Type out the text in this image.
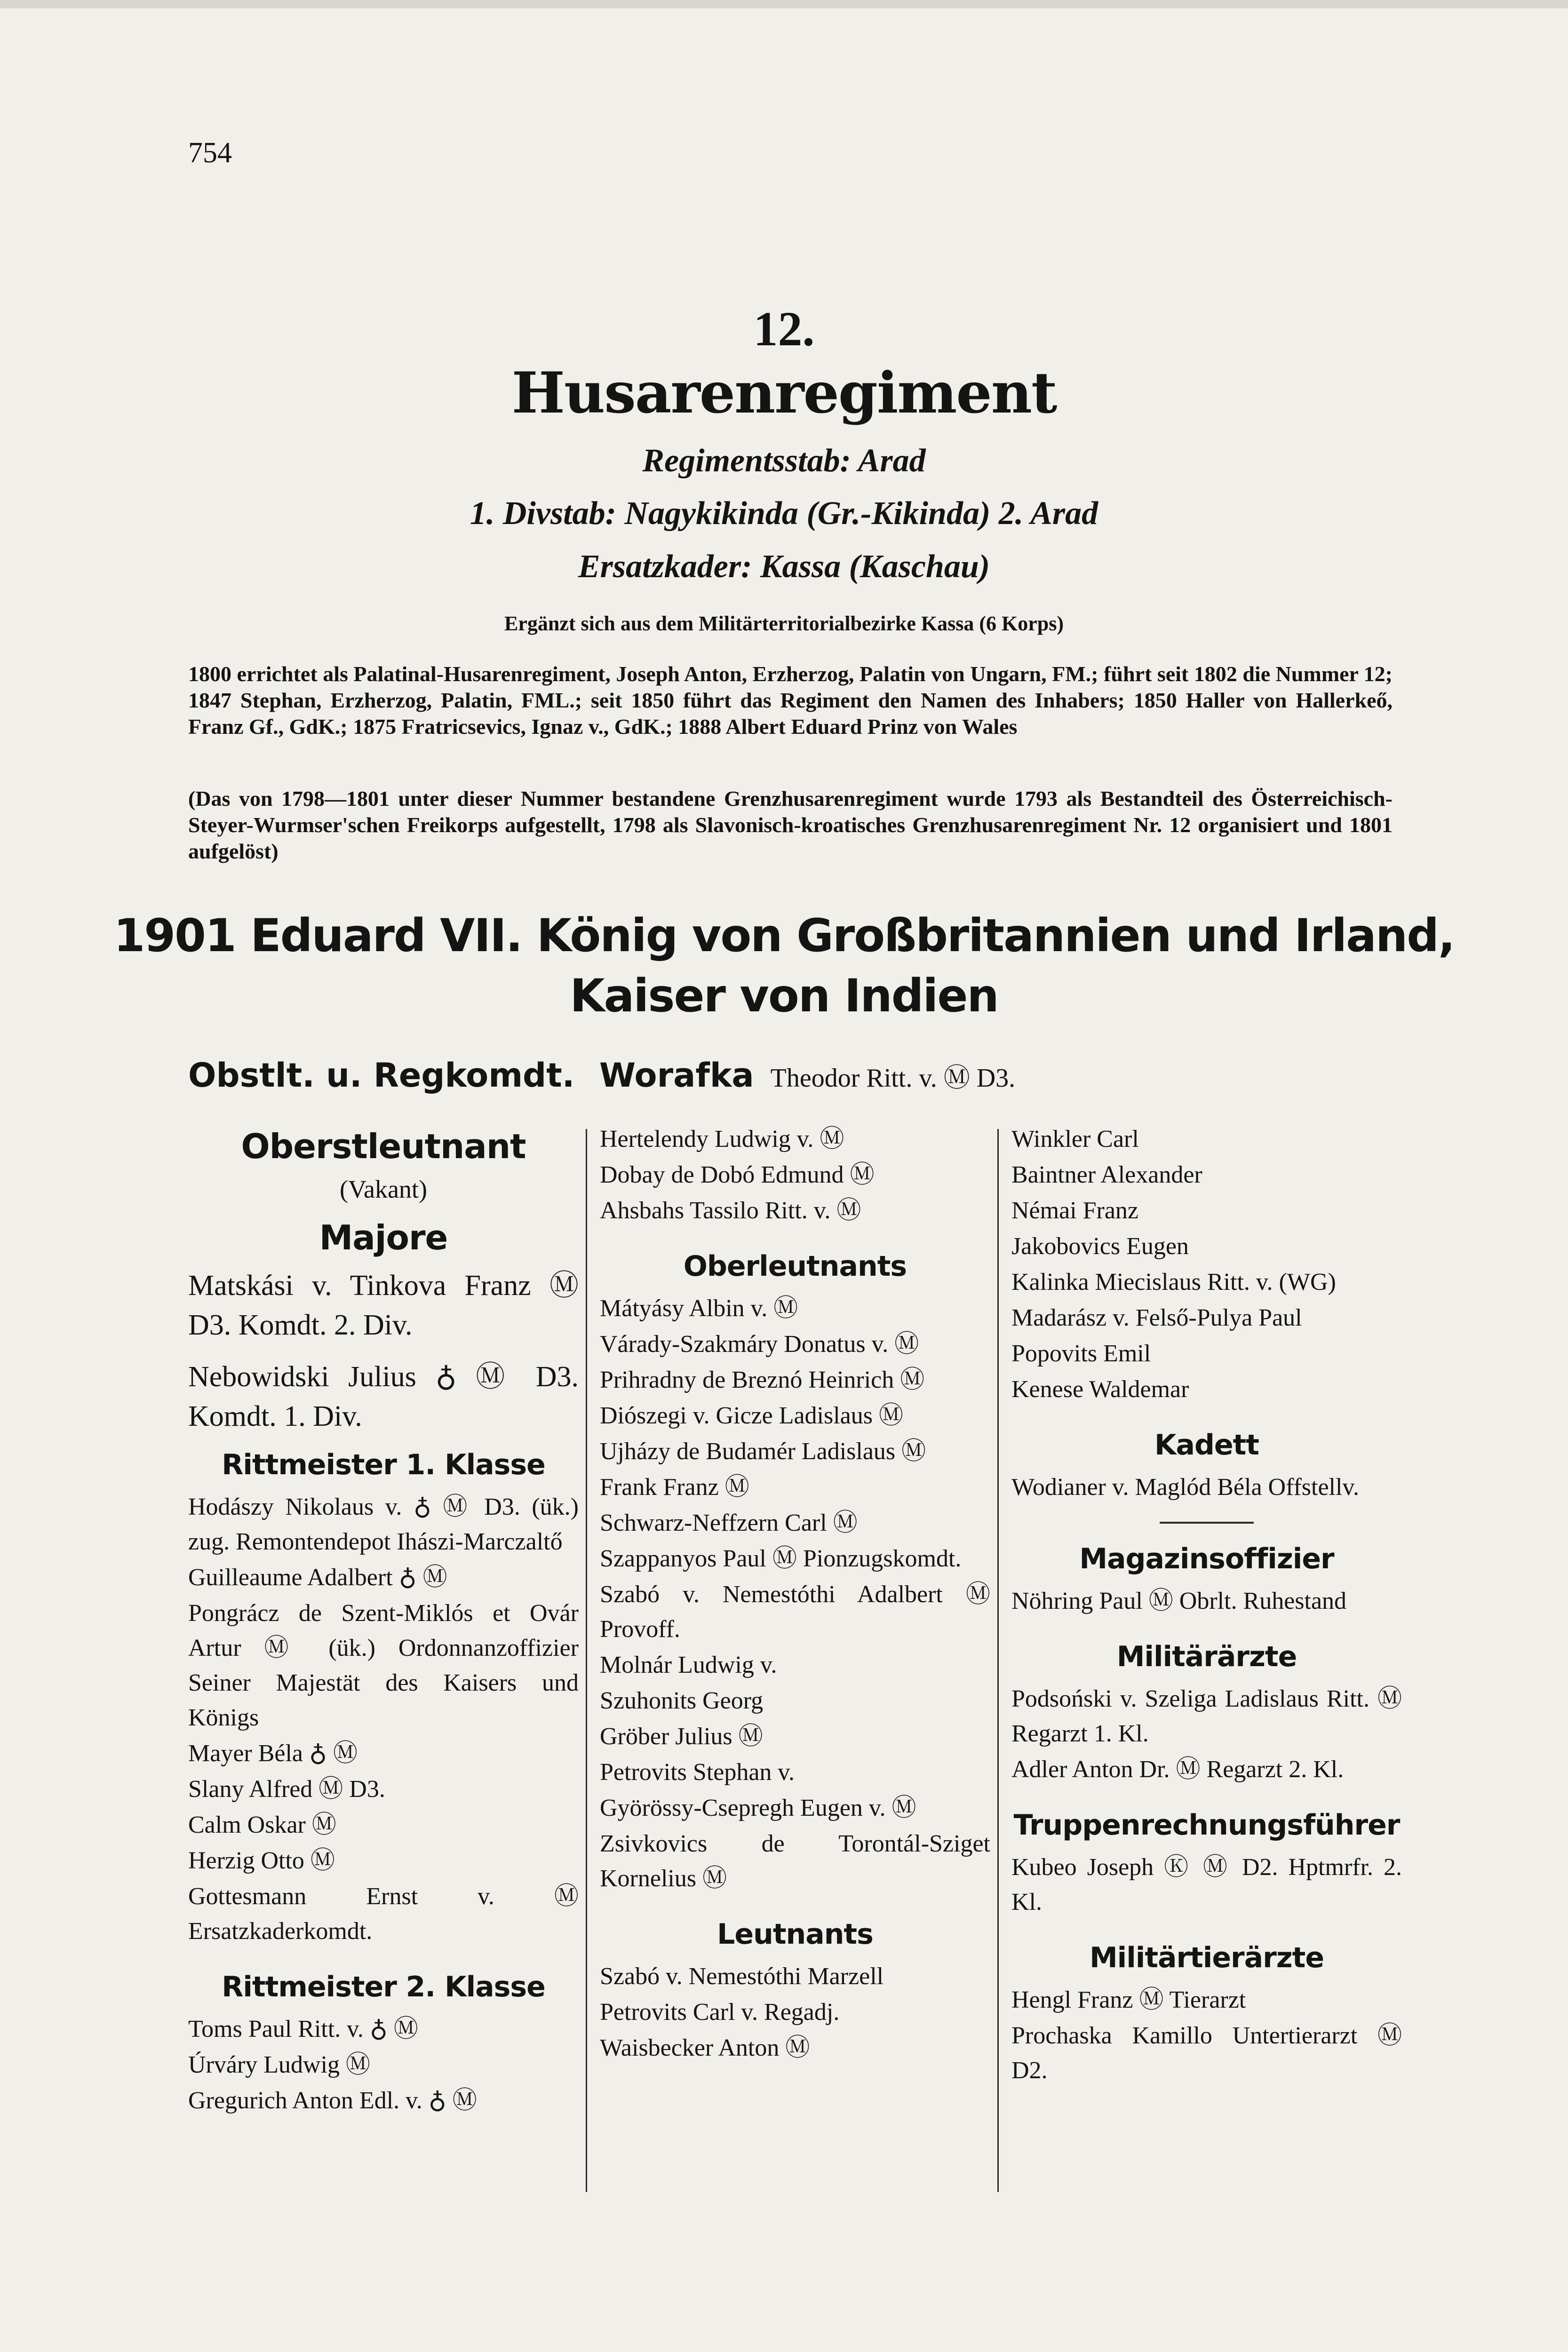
754
12.
Husarenregiment
Regimentsstab: Arad
1. Divstab: Nagykikinda (Gr.-Kikinda) 2. Arad
Ersatzkader: Kassa (Kaschau)
Ergänzt sich aus dem Militärterritorialbezirke Kassa (6 Korps)
1800 errichtet als Palatinal-Husarenregiment, Joseph Anton, Erzherzog, Palatin von Ungarn, FM.; führt seit 1802 die Nummer 12; 1847 Stephan, Erzherzog, Palatin, FML.; seit 1850 führt das Regiment den Namen des Inhabers; 1850 Haller von Hallerkeő, Franz Gf., GdK.; 1875 Fratricsevics, Ignaz v., GdK.; 1888 Albert Eduard Prinz von Wales
(Das von 1798—1801 unter dieser Nummer bestandene Grenzhusarenregiment wurde 1793 als Bestandteil des Österreichisch-Steyer-Wurmser'schen Freikorps aufgestellt, 1798 als Slavonisch-kroatisches Grenzhusarenregiment Nr. 12 organisiert und 1801 aufgelöst)
1901 Eduard VII. König von Großbritannien und Irland,
Kaiser von Indien
Obstlt. u. Regkomdt. Worafka Theodor Ritt. v. Ⓜ D3.
Oberstleutnant
(Vakant)
Majore
Matskási v. Tinkova Franz Ⓜ D3. Komdt. 2. Div.
Nebowidski Julius ♁ Ⓜ D3. Komdt. 1. Div.
Rittmeister 1. Klasse
Hodászy Nikolaus v. ♁ Ⓜ D3. (ük.) zug. Remontendepot Ihászi-Marczaltő
Guilleaume Adalbert ♁ Ⓜ
Pongrácz de Szent-Miklós et Ovár Artur Ⓜ (ük.) Ordonnanzoffizier Seiner Majestät des Kaisers und Königs
Mayer Béla ♁ Ⓜ
Slany Alfred Ⓜ D3.
Calm Oskar Ⓜ
Herzig Otto Ⓜ
Gottesmann Ernst v. Ⓜ Ersatzkaderkomdt.
Rittmeister 2. Klasse
Toms Paul Ritt. v. ♁ Ⓜ
Úrváry Ludwig Ⓜ
Gregurich Anton Edl. v. ♁ Ⓜ
Hertelendy Ludwig v. Ⓜ
Dobay de Dobó Edmund Ⓜ
Ahsbahs Tassilo Ritt. v. Ⓜ
Oberleutnants
Mátyásy Albin v. Ⓜ
Várady-Szakmáry Donatus v. Ⓜ
Prihradny de Breznó Heinrich Ⓜ
Diószegi v. Gicze Ladislaus Ⓜ
Ujházy de Budamér Ladislaus Ⓜ
Frank Franz Ⓜ
Schwarz-Neffzern Carl Ⓜ
Szappanyos Paul Ⓜ Pionzugskomdt.
Szabó v. Nemestóthi Adalbert Ⓜ Provoff.
Molnár Ludwig v.
Szuhonits Georg
Gröber Julius Ⓜ
Petrovits Stephan v.
Györössy-Csepregh Eugen v. Ⓜ
Zsivkovics de Torontál-Sziget Kornelius Ⓜ
Leutnants
Szabó v. Nemestóthi Marzell
Petrovits Carl v. Regadj.
Waisbecker Anton Ⓜ
Winkler Carl
Baintner Alexander
Némai Franz
Jakobovics Eugen
Kalinka Miecislaus Ritt. v. (WG)
Madarász v. Felső-Pulya Paul
Popovits Emil
Kenese Waldemar
Kadett
Wodianer v. Maglód Béla Offstellv.
Magazinsoffizier
Nöhring Paul Ⓜ Obrlt. Ruhestand
Militärärzte
Podsoński v. Szeliga Ladislaus Ritt. Ⓜ Regarzt 1. Kl.
Adler Anton Dr. Ⓜ Regarzt 2. Kl.
Truppenrechnungsführer
Kubeo Joseph Ⓚ Ⓜ D2. Hptmrfr. 2. Kl.
Militärtierärzte
Hengl Franz Ⓜ Tierarzt
Prochaska Kamillo Untertierarzt Ⓜ D2.
